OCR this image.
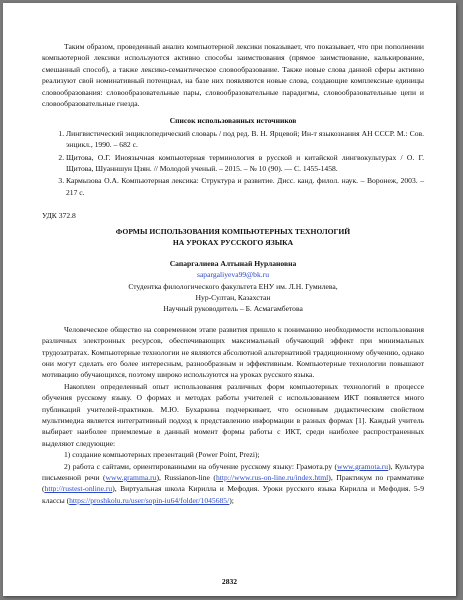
Таким образом, проведенный анализ компьютерной лексики показывает, что показывает, что при пополнении компьютерной лексики используются активно способы заимствования (прямое заимствование, калькирование, смешанный способ), а также лексико-семантическое словообразование. Также новые слова данной сферы активно реализуют свой номинативный потенциал, на базе них появляются новые слова, создающие комплексные единицы словообразования: словообразовательные пары, словообразовательные парадигмы, словообразовательные цепи и словообразовательные гнезда.

Список использованных источников
1. Лингвистический энциклопедический словарь / под ред. В. Н. Ярцевой; Ин-т языкознания АН СССР. М.: Сов. энцикл., 1990. – 682 с.
2. Щитова, О.Г. Иноязычная компьютерная терминология в русской и китайской лингвокультурах / О. Г. Щитова, Шуанншун Цзян. // Молодой ученый. – 2015. – № 10 (90). — С. 1455-1458.
3. Кармызова О.А. Компьютерная лексика: Структура и развитие. Дисс. канд. филол. наук. – Воронеж, 2003. – 217 с.

УДК 372.8

ФОРМЫ ИСПОЛЬЗОВАНИЯ КОМПЬЮТЕРНЫХ ТЕХНОЛОГИЙ
НА УРОКАХ РУССКОГО ЯЗЫКА
Сапаргалиева Алтынай Нурлановна
sapargaliyeva99@bk.ru
Студентка филологического факультета ЕНУ им. Л.Н. Гумилева,
Нур-Султан, Казахстан
Научный руководитель – Б. Асмагамбетова

Человеческое общество на современном этапе развития пришло к пониманию необходимости использования различных электронных ресурсов, обеспечивающих максимальный обучающий эффект при минимальных трудозатратах. Компьютерные технологии не являются абсолютной альтернативой традиционному обучению, однако они могут сделать его более интересным, разнообразным и эффективным. Компьютерные технологии повышают мотивацию обучающихся, поэтому широко используются на уроках русского языка.

Накоплен определенный опыт использования различных форм компьютерных технологий в процессе обучения русскому языку. О формах и методах работы учителей с использованием ИКТ появляется много публикаций учителей-практиков. М.Ю. Бухаркина подчеркивает, что основным дидактическим свойством мультимедиа является интегративный подход к представлению информации в разных формах [1]. Каждый учитель выбирает наиболее приемлемые в данный момент формы работы с ИКТ, среди наиболее распространенных выделяют следующие:

1) создание компьютерных презентаций (Power Point, Prezi);

2) работа с сайтами, ориентированными на обучение русскому языку: Грамота.ру (www.gramota.ru), Культура письменной речи (www.gramma.ru), Russianon-line (http://www.rus-on-line.ru/index.html), Практикум по грамматике (http://rustest-online.ru), Виртуальная школа Кирилла и Мефодия. Уроки русского языка Кирилла и Мефодия. 5-9 классы (https://proshkolu.ru/user/sopin-iu64/folder/1045685/);

2832
